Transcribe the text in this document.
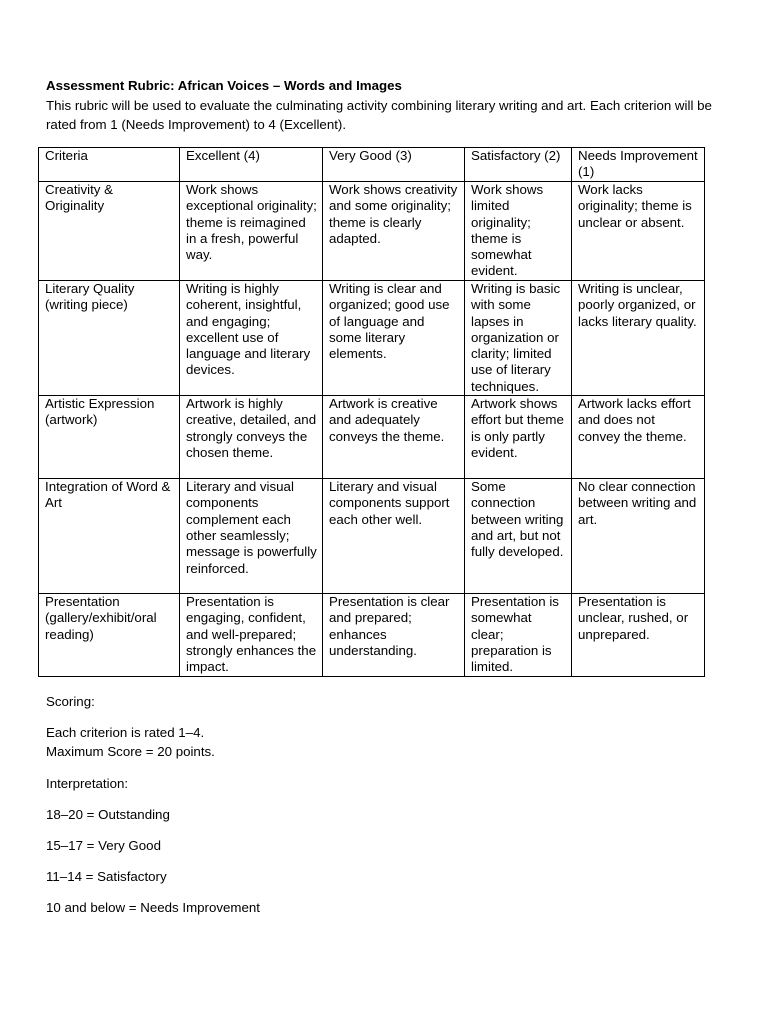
Assessment Rubric: African Voices – Words and Images

This rubric will be used to evaluate the culminating activity combining literary writing and art. Each criterion will be rated from 1 (Needs Improvement) to 4 (Excellent).

Criteria	Excellent (4)	Very Good (3)	Satisfactory (2)	Needs Improvement (1)
Creativity & Originality	Work shows exceptional originality; theme is reimagined in a fresh, powerful way.	Work shows creativity and some originality; theme is clearly adapted.	Work shows limited originality; theme is somewhat evident.	Work lacks originality; theme is unclear or absent.
Literary Quality (writing piece)	Writing is highly coherent, insightful, and engaging; excellent use of language and literary devices.	Writing is clear and organized; good use of language and some literary elements.	Writing is basic with some lapses in organization or clarity; limited use of literary techniques.	Writing is unclear, poorly organized, or lacks literary quality.
Artistic Expression (artwork)	Artwork is highly creative, detailed, and strongly conveys the chosen theme.	Artwork is creative and adequately conveys the theme.	Artwork shows effort but theme is only partly evident.	Artwork lacks effort and does not convey the theme.
Integration of Word & Art	Literary and visual components complement each other seamlessly; message is powerfully reinforced.	Literary and visual components support each other well.	Some connection between writing and art, but not fully developed.	No clear connection between writing and art.
Presentation (gallery/exhibit/oral reading)	Presentation is engaging, confident, and well-prepared; strongly enhances the impact.	Presentation is clear and prepared; enhances understanding.	Presentation is somewhat clear; preparation is limited.	Presentation is unclear, rushed, or unprepared.

Scoring:

Each criterion is rated 1–4.

Maximum Score = 20 points.

Interpretation:

18–20 = Outstanding

15–17 = Very Good

11–14 = Satisfactory

10 and below = Needs Improvement
